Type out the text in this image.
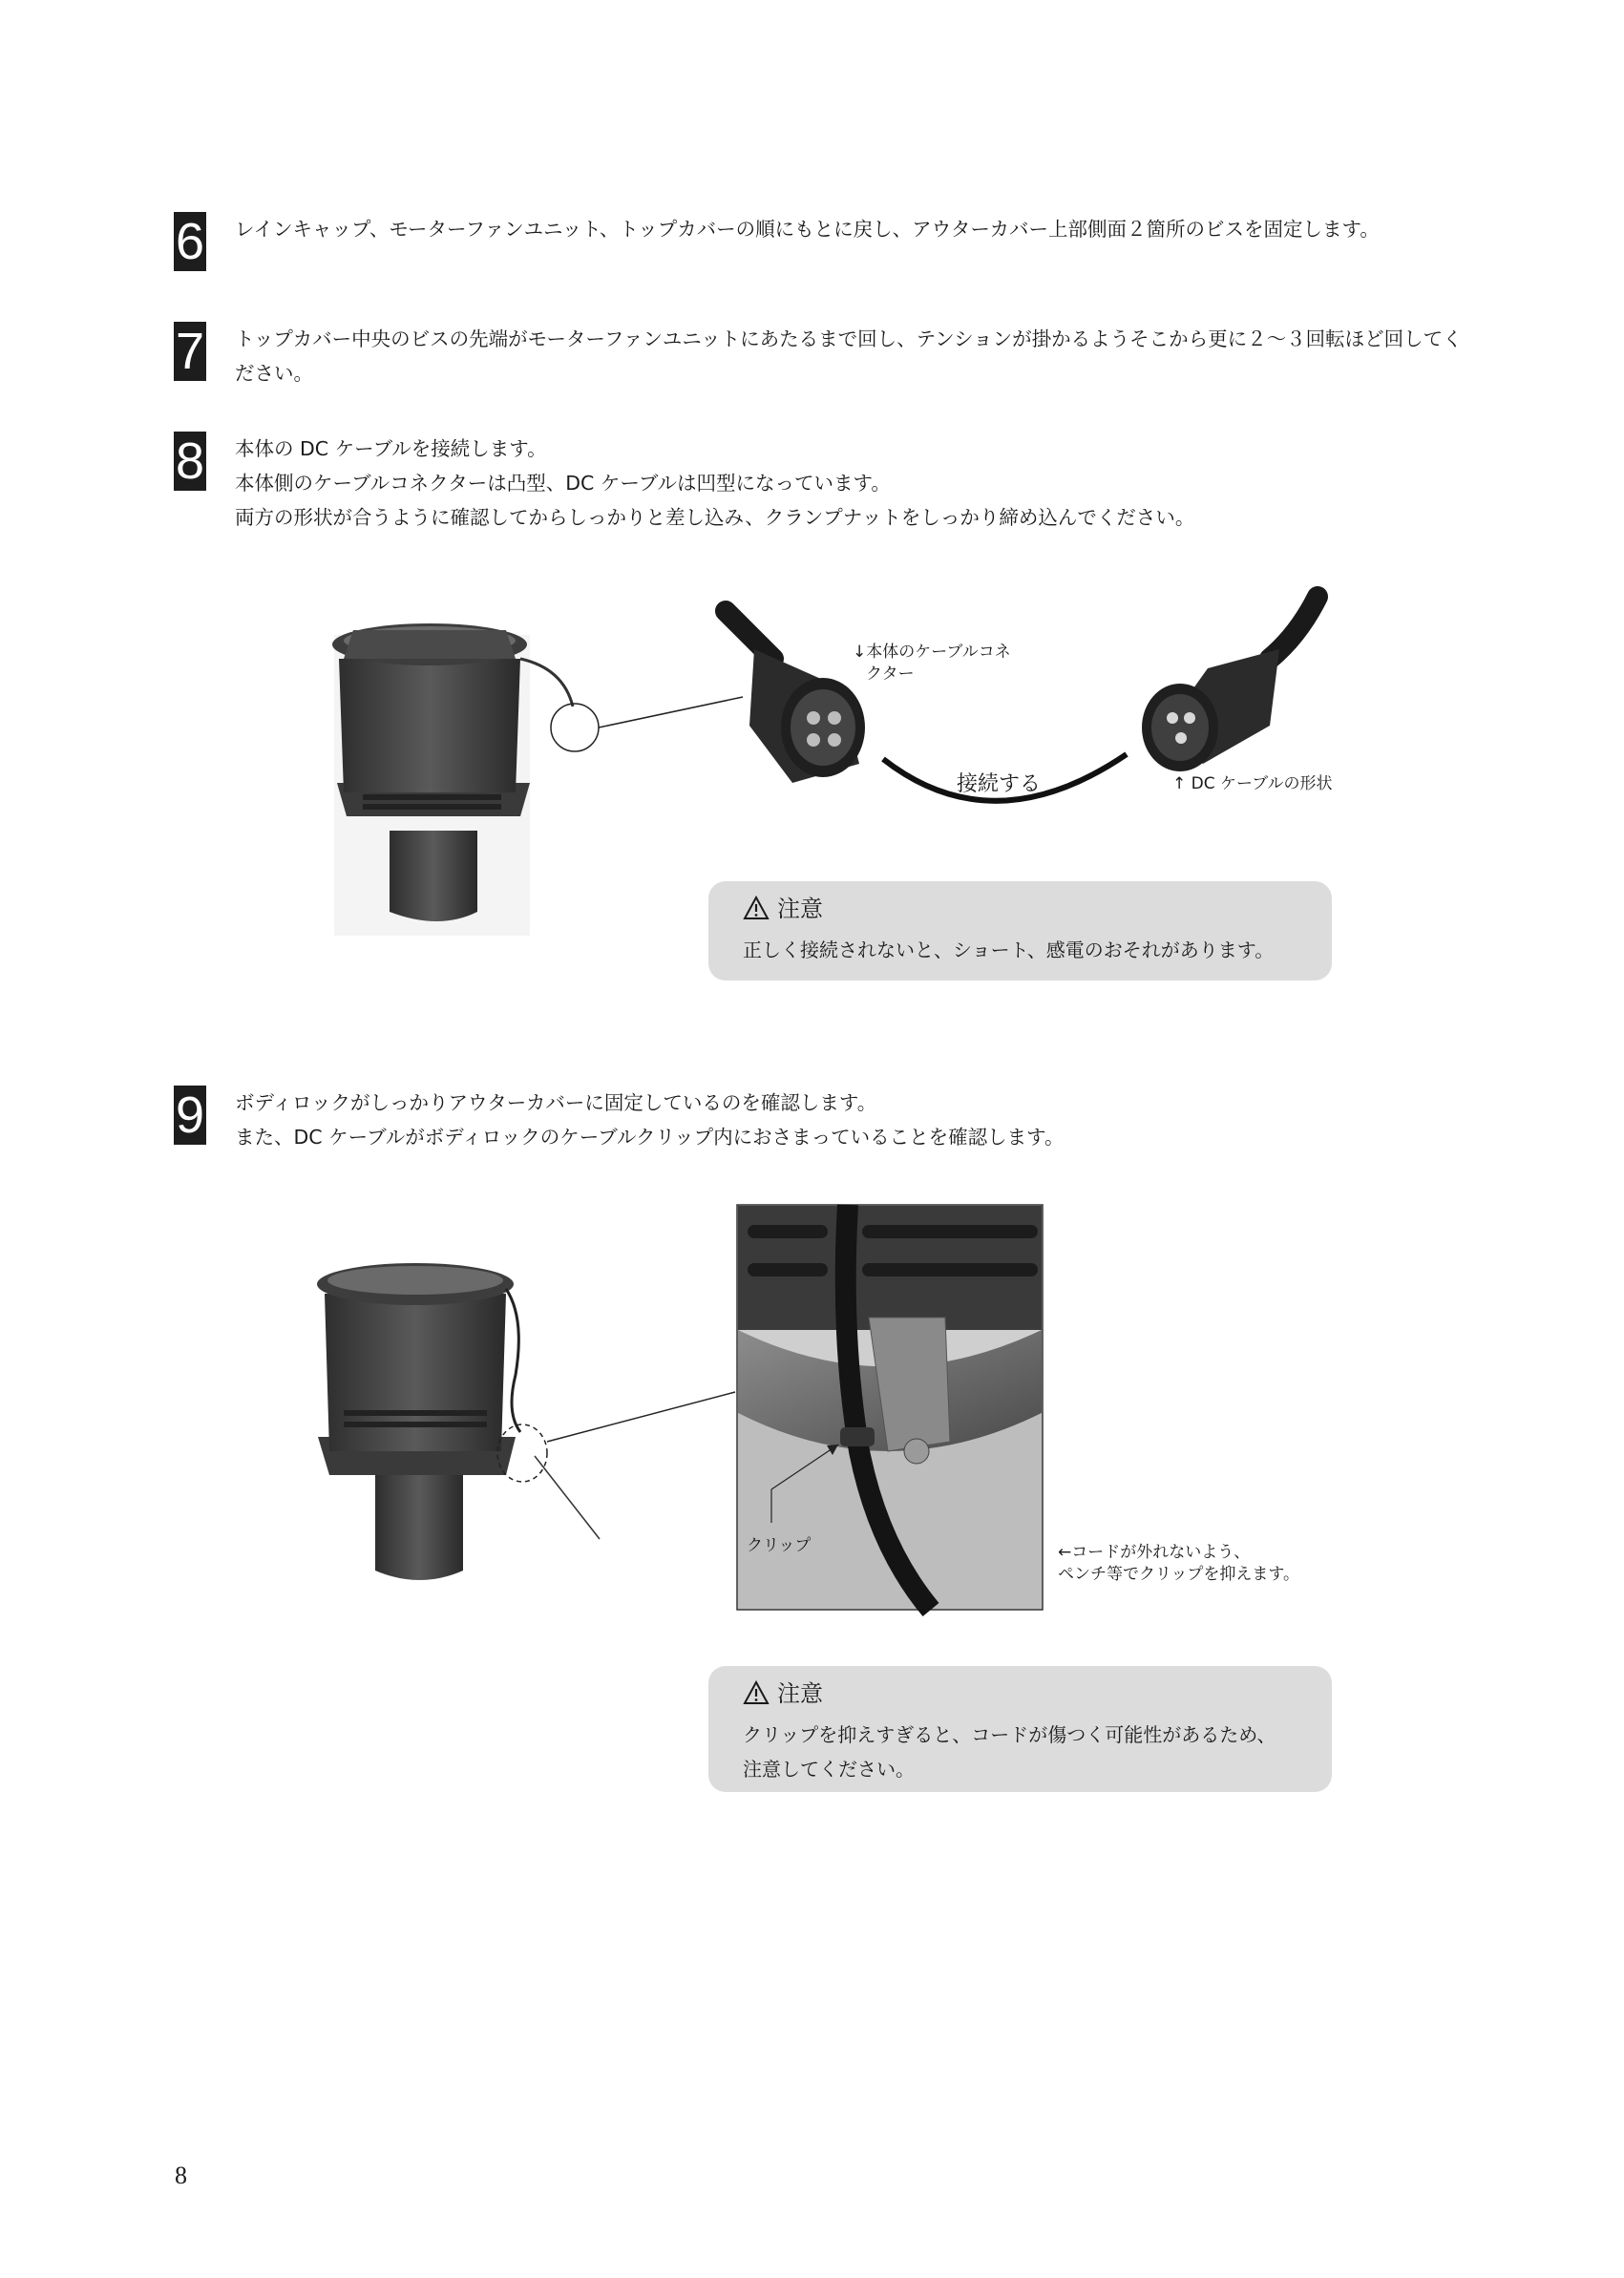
6 レインキャップ、モーターファンユニット、トップカバーの順にもとに戻し、アウターカバー上部側面２箇所のビスを固定します。

7 トップカバー中央のビスの先端がモーターファンユニットにあたるまで回し、テンションが掛かるようそこから更に２〜３回転ほど回してください。

8 本体の DC ケーブルを接続します。

本体側のケーブルコネクターは凸型、DC ケーブルは凹型になっています。

両方の形状が合うように確認してからしっかりと差し込み、クランプナットをしっかり締め込んでください。

↓本体のケーブルコネ
クター
接続する	↑ DC ケーブルの形状
注意

正しく接続されないと、ショート、感電のおそれがあります。

9 ボディロックがしっかりアウターカバーに固定しているのを確認します。

また、DC ケーブルがボディロックのケーブルクリップ内におさまっていることを確認します。

クリップ	←コードが外れないよう、
ペンチ等でクリップを抑えます。
注意

クリップを抑えすぎると、コードが傷つく可能性があるため、

注意してください。

8
